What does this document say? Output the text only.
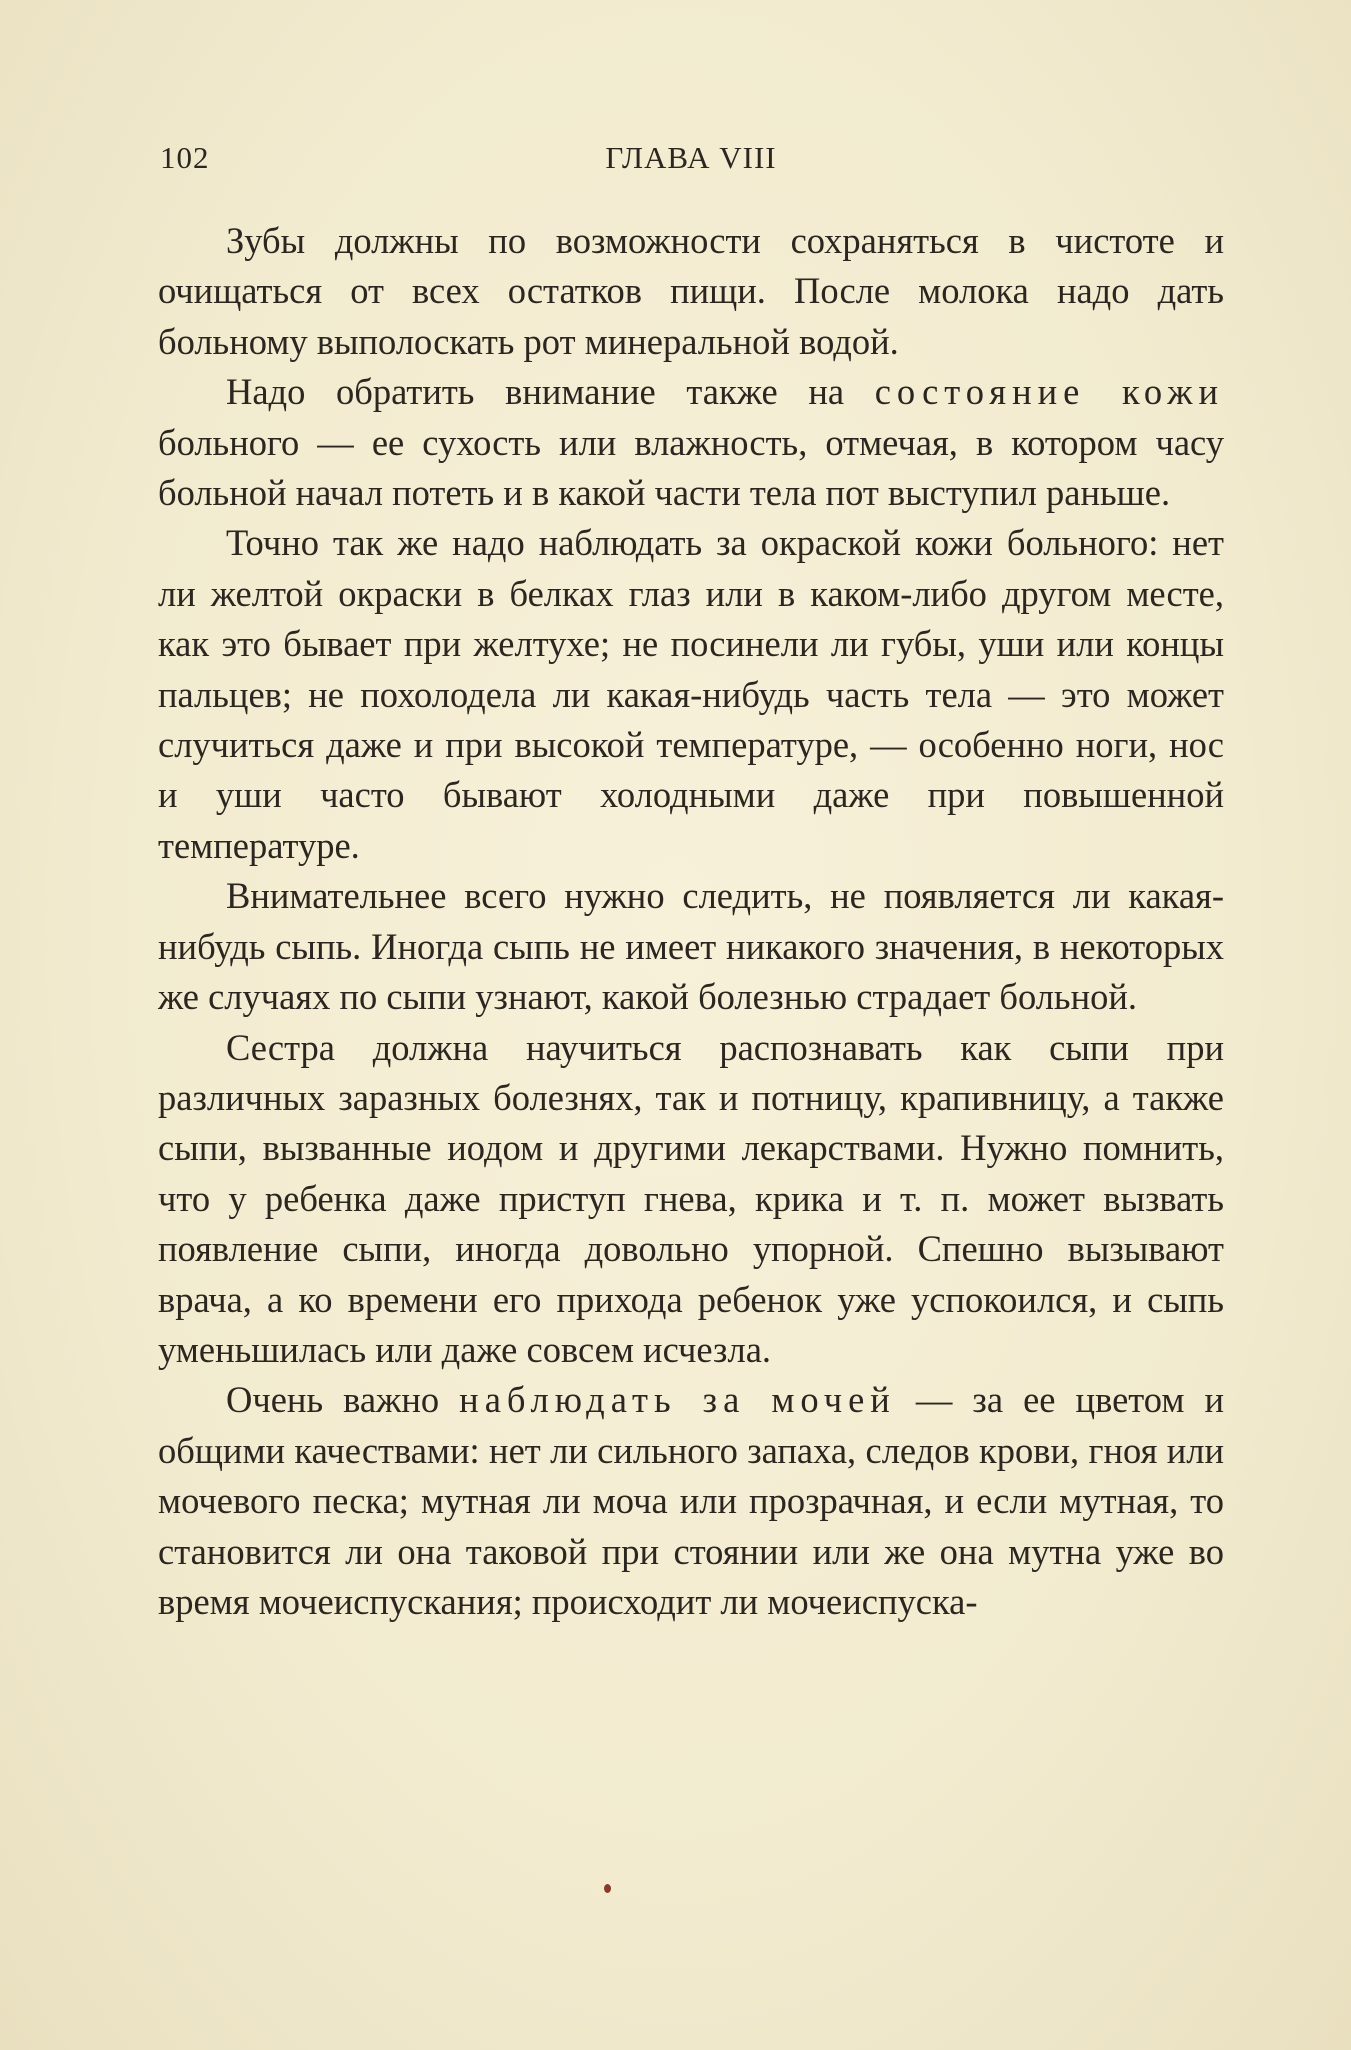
102	ГЛАВА VIII

Зубы должны по возможности сохраняться в чистоте и очищаться от всех остатков пищи. После молока надо дать больному выполоскать рот минеральной водой.

Надо обратить внимание также на состояние кожи больного — ее сухость или влажность, отмечая, в котором часу больной начал потеть и в какой части тела пот выступил раньше.

Точно так же надо наблюдать за окраской кожи больного: нет ли желтой окраски в белках глаз или в каком-либо другом месте, как это бывает при желтухе; не посинели ли губы, уши или концы пальцев; не похолодела ли какая-нибудь часть тела — это может случиться даже и при высокой температуре, — особенно ноги, нос и уши часто бывают холодными даже при повышенной температуре.

Внимательнее всего нужно следить, не появляется ли какая-нибудь сыпь. Иногда сыпь не имеет никакого значения, в некоторых же случаях по сыпи узнают, какой болезнью страдает больной.

Сестра должна научиться распознавать как сыпи при различных заразных болезнях, так и потницу, крапивницу, а также сыпи, вызванные иодом и другими лекарствами. Нужно помнить, что у ребенка даже приступ гнева, крика и т. п. может вызвать появление сыпи, иногда довольно упорной. Спешно вызывают врача, а ко времени его прихода ребенок уже успокоился, и сыпь уменьшилась или даже совсем исчезла.

Очень важно наблюдать за мочей — за ее цветом и общими качествами: нет ли сильного запаха, следов крови, гноя или мочевого песка; мутная ли моча или прозрачная, и если мутная, то становится ли она таковой при стоянии или же она мутна уже во время мочеиспускания; происходит ли мочеиспуска-
